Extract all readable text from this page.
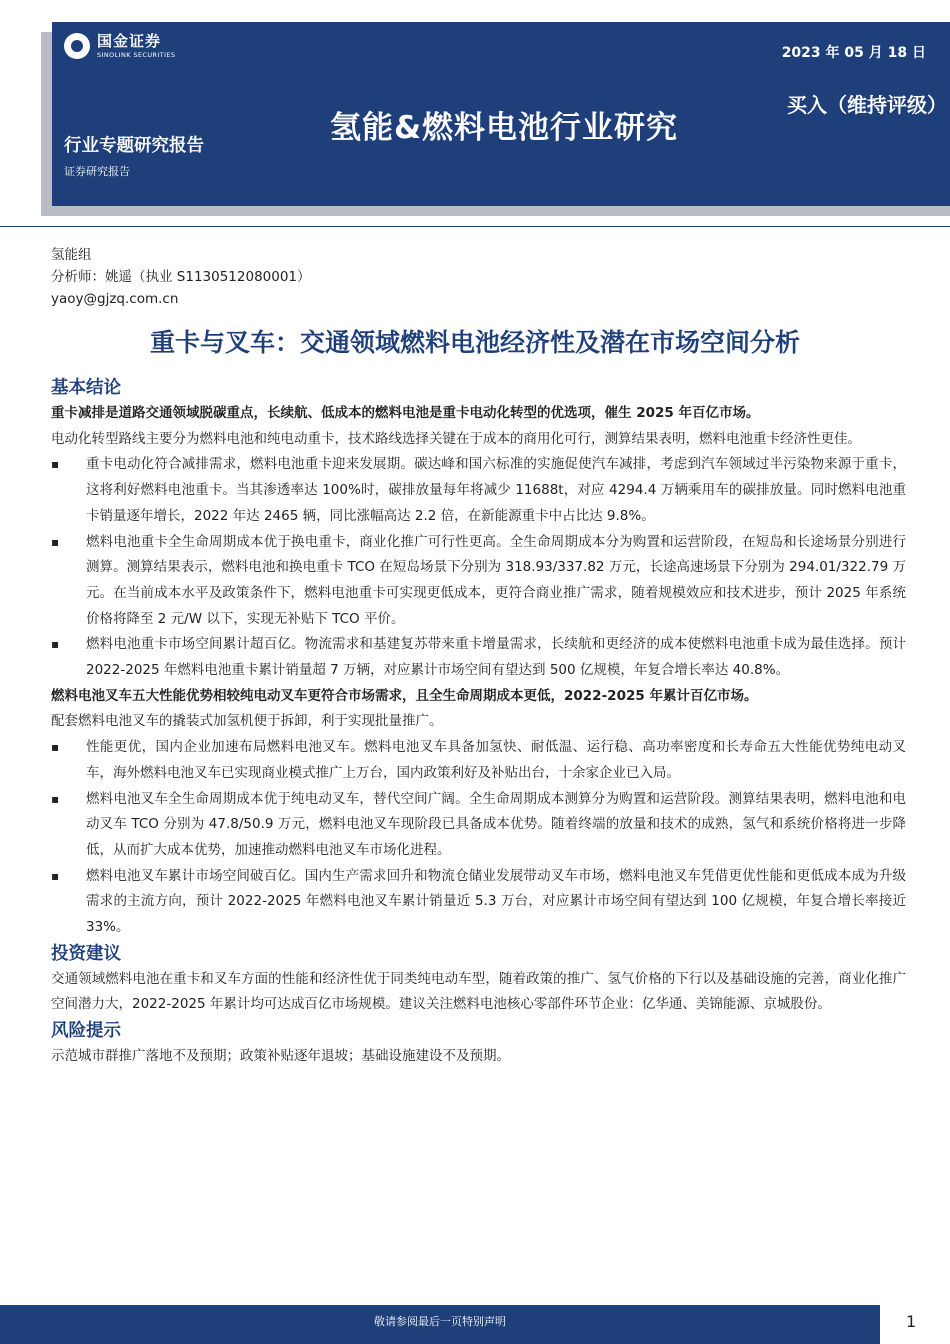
国金证券
SINOLINK SECURITIES	2023 年 05 月 18 日
氢能&燃料电池行业研究
买入（维持评级）
行业专题研究报告
证券研究报告
氢能组
分析师：姚遥（执业 S1130512080001）
yaoy@gjzq.com.cn
重卡与叉车：交通领域燃料电池经济性及潜在市场空间分析
基本结论

重卡减排是道路交通领域脱碳重点，长续航、低成本的燃料电池是重卡电动化转型的优选项，催生 2025 年百亿市场。

电动化转型路线主要分为燃料电池和纯电动重卡，技术路线选择关键在于成本的商用化可行，测算结果表明，燃料电池重卡经济性更佳。

▪ 重卡电动化符合减排需求，燃料电池重卡迎来发展期。碳达峰和国六标准的实施促使汽车减排，考虑到汽车领域过半污染物来源于重卡，这将利好燃料电池重卡。当其渗透率达 100%时，碳排放量每年将减少 11688t，对应 4294.4 万辆乘用车的碳排放量。同时燃料电池重卡销量逐年增长，2022 年达 2465 辆，同比涨幅高达 2.2 倍，在新能源重卡中占比达 9.8%。
▪ 燃料电池重卡全生命周期成本优于换电重卡，商业化推广可行性更高。全生命周期成本分为购置和运营阶段，在短岛和长途场景分别进行测算。测算结果表示，燃料电池和换电重卡 TCO 在短岛场景下分别为 318.93/337.82 万元，长途高速场景下分别为 294.01/322.79 万元。在当前成本水平及政策条件下，燃料电池重卡可实现更低成本，更符合商业推广需求，随着规模效应和技术进步，预计 2025 年系统价格将降至 2 元/W 以下，实现无补贴下 TCO 平价。
▪ 燃料电池重卡市场空间累计超百亿。物流需求和基建复苏带来重卡增量需求，长续航和更经济的成本使燃料电池重卡成为最佳选择。预计 2022-2025 年燃料电池重卡累计销量超 7 万辆，对应累计市场空间有望达到 500 亿规模，年复合增长率达 40.8%。

燃料电池叉车五大性能优势相较纯电动叉车更符合市场需求，且全生命周期成本更低，2022-2025 年累计百亿市场。

配套燃料电池叉车的撬装式加氢机便于拆卸，利于实现批量推广。

▪ 性能更优，国内企业加速布局燃料电池叉车。燃料电池叉车具备加氢快、耐低温、运行稳、高功率密度和长寿命五大性能优势纯电动叉车，海外燃料电池叉车已实现商业模式推广上万台，国内政策利好及补贴出台，十余家企业已入局。
▪ 燃料电池叉车全生命周期成本优于纯电动叉车，替代空间广阔。全生命周期成本测算分为购置和运营阶段。测算结果表明，燃料电池和电动叉车 TCO 分别为 47.8/50.9 万元，燃料电池叉车现阶段已具备成本优势。随着终端的放量和技术的成熟，氢气和系统价格将进一步降低，从而扩大成本优势，加速推动燃料电池叉车市场化进程。
▪ 燃料电池叉车累计市场空间破百亿。国内生产需求回升和物流仓储业发展带动叉车市场，燃料电池叉车凭借更优性能和更低成本成为升级需求的主流方向，预计 2022-2025 年燃料电池叉车累计销量近 5.3 万台，对应累计市场空间有望达到 100 亿规模，年复合增长率接近 33%。
投资建议

交通领域燃料电池在重卡和叉车方面的性能和经济性优于同类纯电动车型，随着政策的推广、氢气价格的下行以及基础设施的完善，商业化推广空间潜力大，2022-2025 年累计均可达成百亿市场规模。建议关注燃料电池核心零部件环节企业：亿华通、美锦能源、京城股份。

风险提示

示范城市群推广落地不及预期；政策补贴逐年退坡；基础设施建设不及预期。

敬请参阅最后一页特别声明	1
